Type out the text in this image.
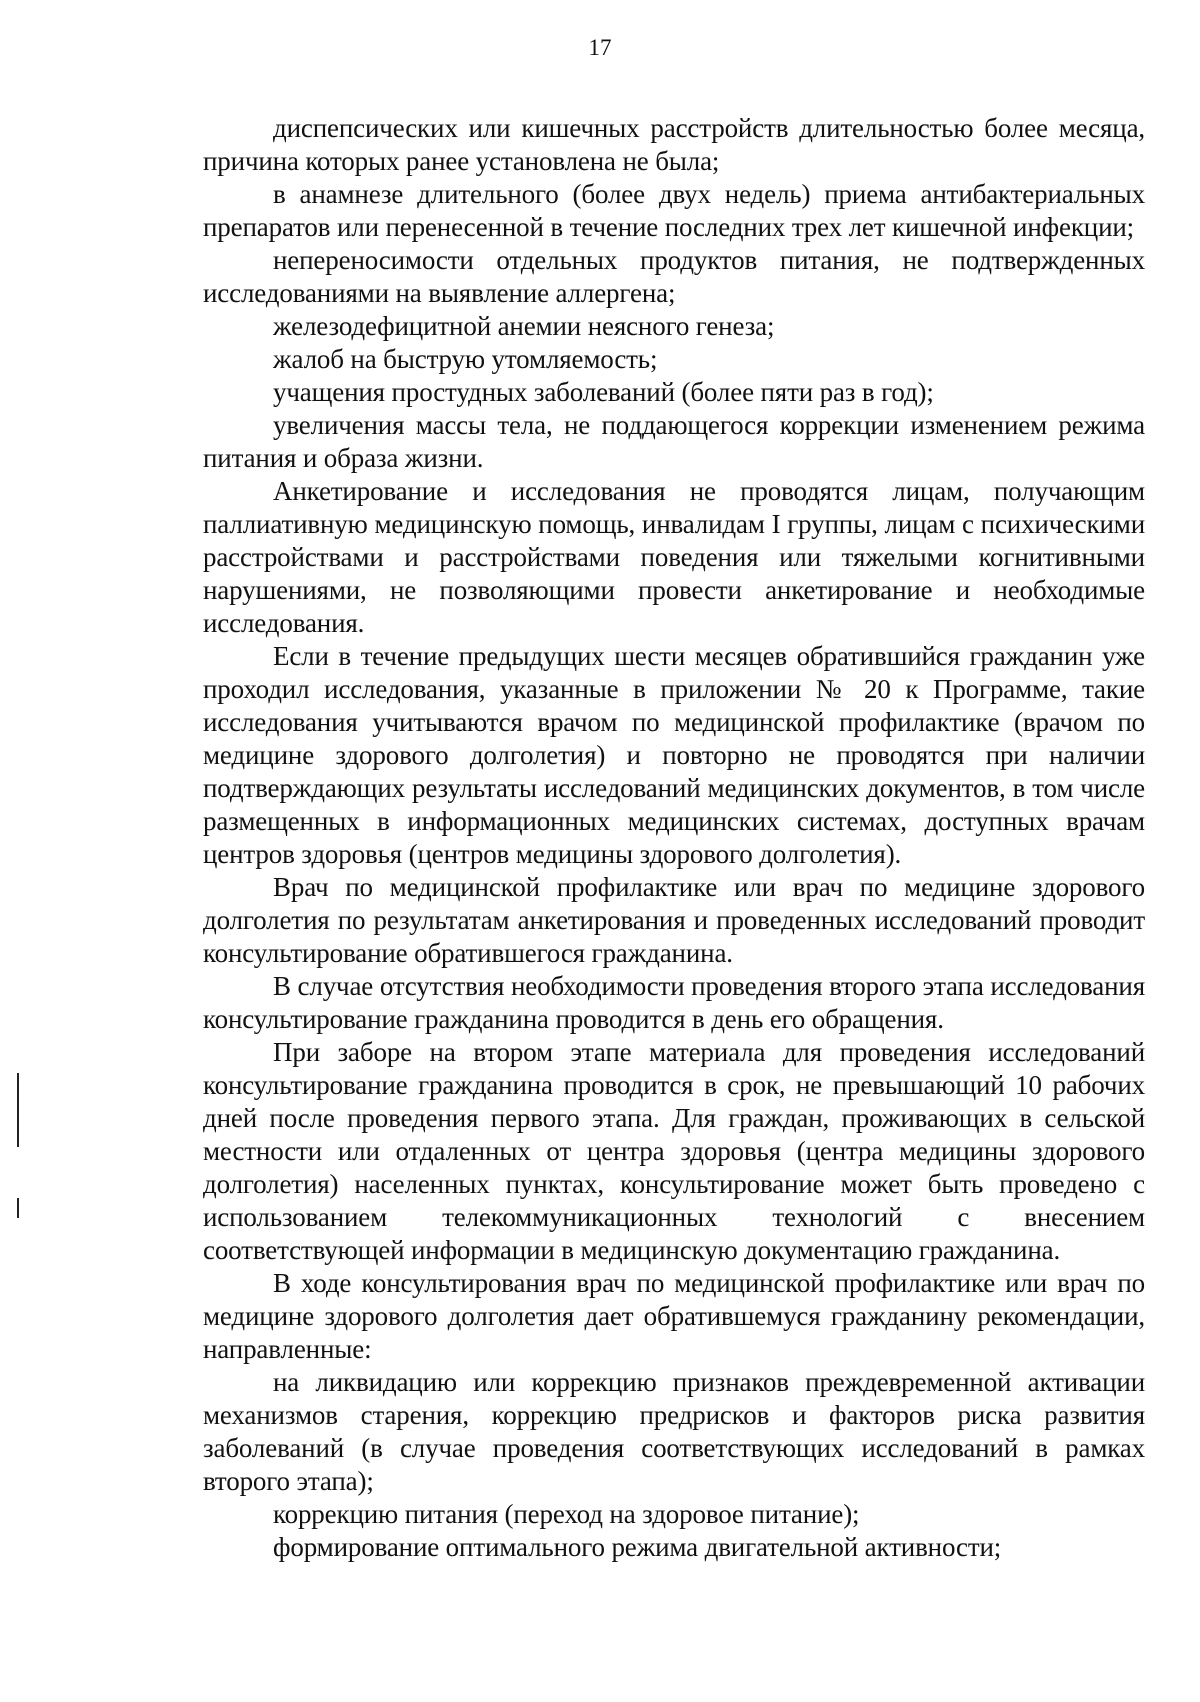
17

диспепсических или кишечных расстройств длительностью более месяца, причина которых ранее установлена не была;

в анамнезе длительного (более двух недель) приема антибактериальных препаратов или перенесенной в течение последних трех лет кишечной инфекции;

непереносимости отдельных продуктов питания, не подтвержденных исследованиями на выявление аллергена;

железодефицитной анемии неясного генеза;

жалоб на быструю утомляемость;

учащения простудных заболеваний (более пяти раз в год);

увеличения массы тела, не поддающегося коррекции изменением режима питания и образа жизни.

Анкетирование и исследования не проводятся лицам, получающим паллиативную медицинскую помощь, инвалидам I группы, лицам с психическими расстройствами и расстройствами поведения или тяжелыми когнитивными нарушениями, не позволяющими провести анкетирование и необходимые исследования.

Если в течение предыдущих шести месяцев обратившийся гражданин уже проходил исследования, указанные в приложении № 20 к Программе, такие исследования учитываются врачом по медицинской профилактике (врачом по медицине здорового долголетия) и повторно не проводятся при наличии подтверждающих результаты исследований медицинских документов, в том числе размещенных в информационных медицинских системах, доступных врачам центров здоровья (центров медицины здорового долголетия).

Врач по медицинской профилактике или врач по медицине здорового долголетия по результатам анкетирования и проведенных исследований проводит консультирование обратившегося гражданина.

В случае отсутствия необходимости проведения второго этапа исследования консультирование гражданина проводится в день его обращения.

При заборе на втором этапе материала для проведения исследований консультирование гражданина проводится в срок, не превышающий 10 рабочих дней после проведения первого этапа. Для граждан, проживающих в сельской местности или отдаленных от центра здоровья (центра медицины здорового долголетия) населенных пунктах, консультирование может быть проведено с использованием телекоммуникационных технологий с внесением соответствующей информации в медицинскую документацию гражданина.

В ходе консультирования врач по медицинской профилактике или врач по медицине здорового долголетия дает обратившемуся гражданину рекомендации, направленные:

на ликвидацию или коррекцию признаков преждевременной активации механизмов старения, коррекцию предрисков и факторов риска развития заболеваний (в случае проведения соответствующих исследований в рамках второго этапа);

коррекцию питания (переход на здоровое питание);

формирование оптимального режима двигательной активности;
